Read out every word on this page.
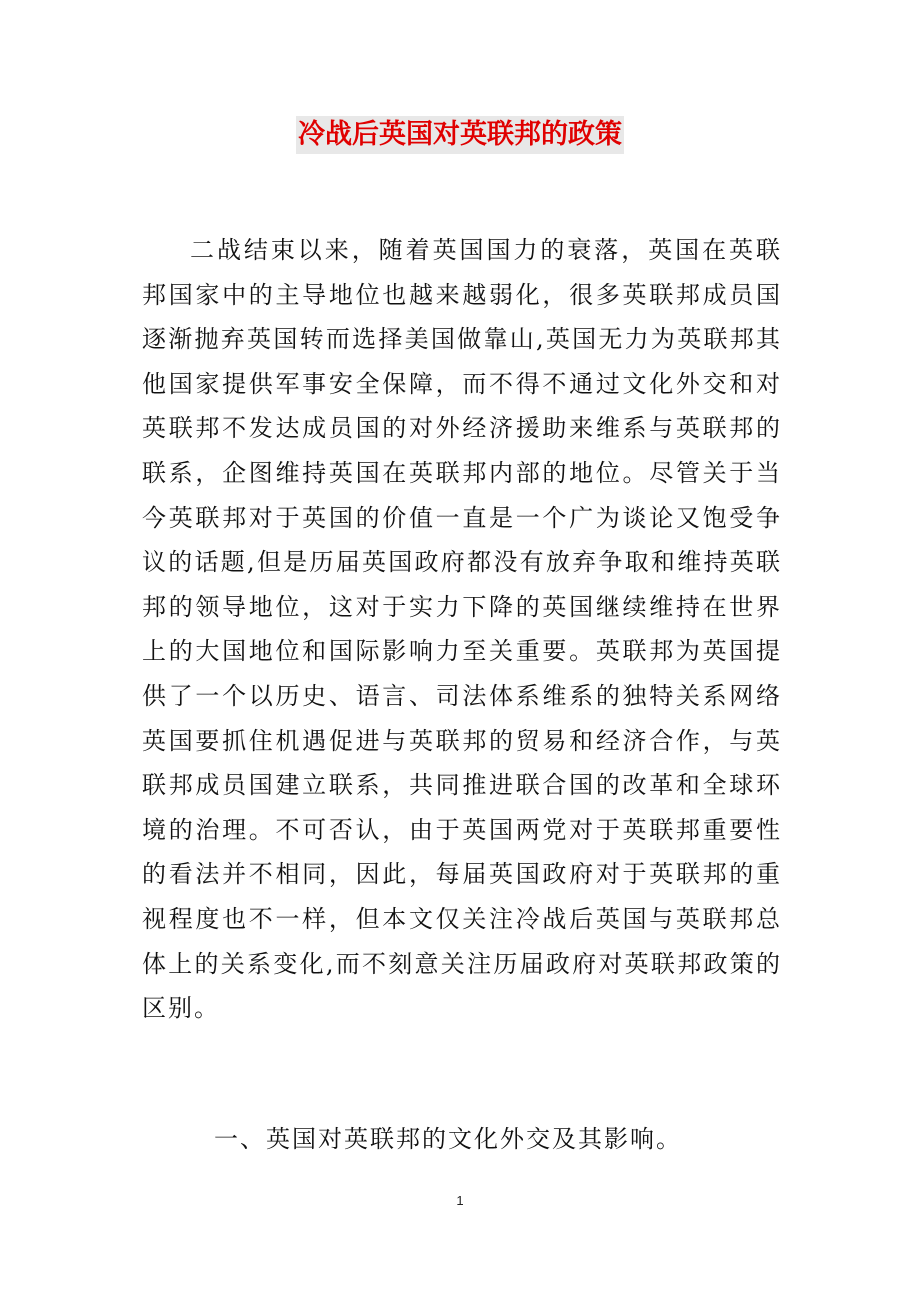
冷战后英国对英联邦的政策

二战结束以来，随着英国国力的衰落，英国在英联邦国家中的主导地位也越来越弱化，很多英联邦成员国逐渐抛弃英国转而选择美国做靠山,英国无力为英联邦其他国家提供军事安全保障，而不得不通过文化外交和对英联邦不发达成员国的对外经济援助来维系与英联邦的联系，企图维持英国在英联邦内部的地位。尽管关于当今英联邦对于英国的价值一直是一个广为谈论又饱受争议的话题,但是历届英国政府都没有放弃争取和维持英联邦的领导地位，这对于实力下降的英国继续维持在世界上的大国地位和国际影响力至关重要。英联邦为英国提供了一个以历史、语言、司法体系维系的独特关系网络英国要抓住机遇促进与英联邦的贸易和经济合作，与英联邦成员国建立联系，共同推进联合国的改革和全球环境的治理。不可否认，由于英国两党对于英联邦重要性的看法并不相同，因此，每届英国政府对于英联邦的重视程度也不一样，但本文仅关注冷战后英国与英联邦总体上的关系变化,而不刻意关注历届政府对英联邦政策的区别。

一、英国对英联邦的文化外交及其影响。

1
